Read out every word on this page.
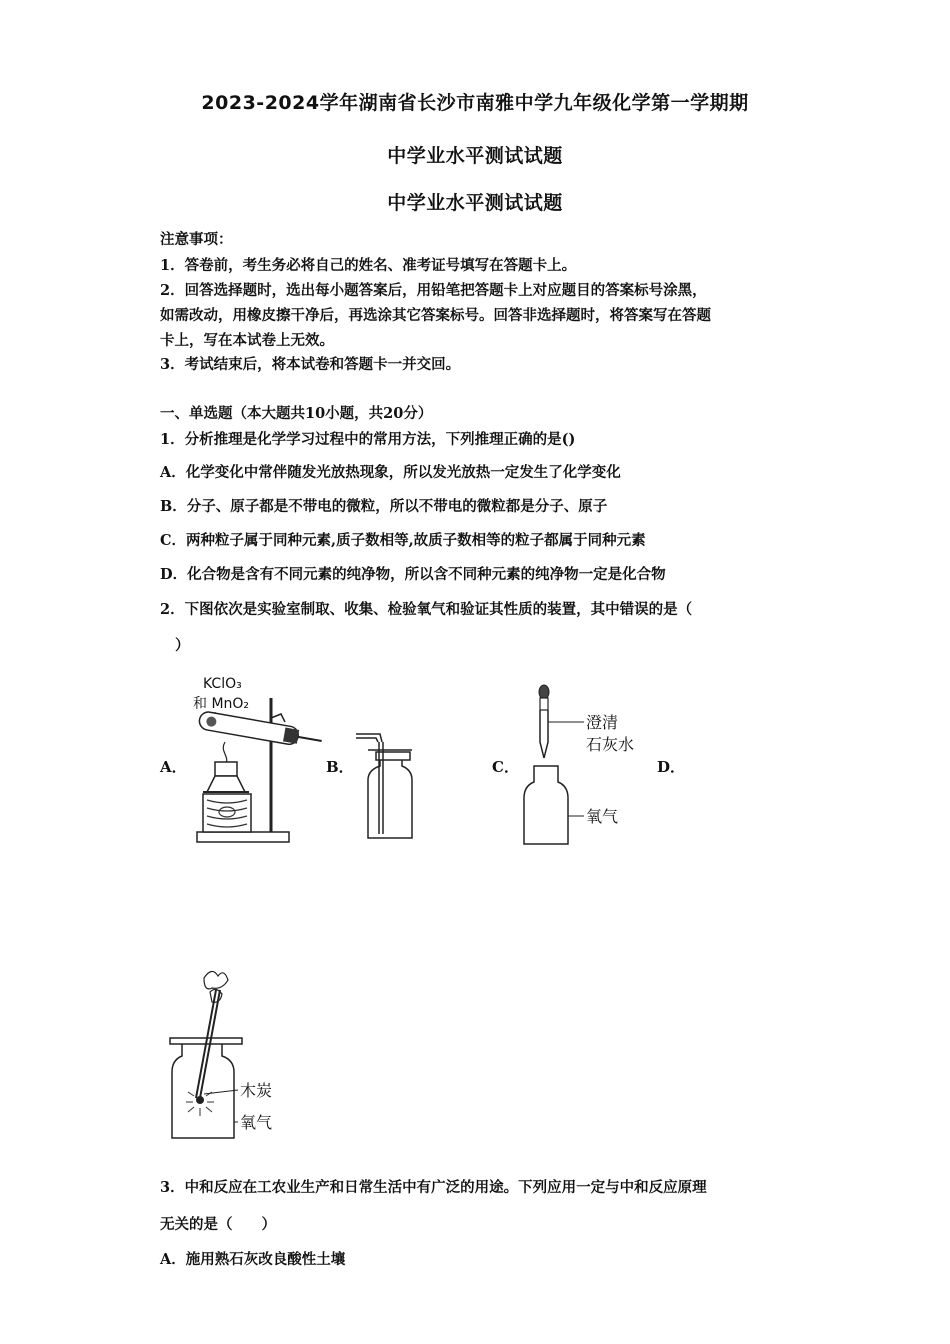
2023-2024学年湖南省长沙市南雅中学九年级化学第一学期期
中学业水平测试试题
中学业水平测试试题
注意事项：
1．答卷前，考生务必将自己的姓名、准考证号填写在答题卡上。
2．回答选择题时，选出每小题答案后，用铅笔把答题卡上对应题目的答案标号涂黑，
如需改动，用橡皮擦干净后，再选涂其它答案标号。回答非选择题时，将答案写在答题
卡上，写在本试卷上无效。
3．考试结束后，将本试卷和答题卡一并交回。
一、单选题（本大题共10小题，共20分）
1．分析推理是化学学习过程中的常用方法，下列推理正确的是()
A．化学变化中常伴随发光放热现象，所以发光放热一定发生了化学变化
B．分子、原子都是不带电的微粒，所以不带电的微粒都是分子、原子
C．两种粒子属于同种元素,质子数相等,故质子数相等的粒子都属于同种元素
D．化合物是含有不同元素的纯净物，所以含不同种元素的纯净物一定是化合物
2．下图依次是实验室制取、收集、检验氧气和验证其性质的装置，其中错误的是（
）
A．	B．	C．	D．
KClO₃
和 MnO₂
澄清
石灰水
氧气
木炭
氧气
3．中和反应在工农业生产和日常生活中有广泛的用途。下列应用一定与中和反应原理
无关的是（　　）
A．施用熟石灰改良酸性土壤
